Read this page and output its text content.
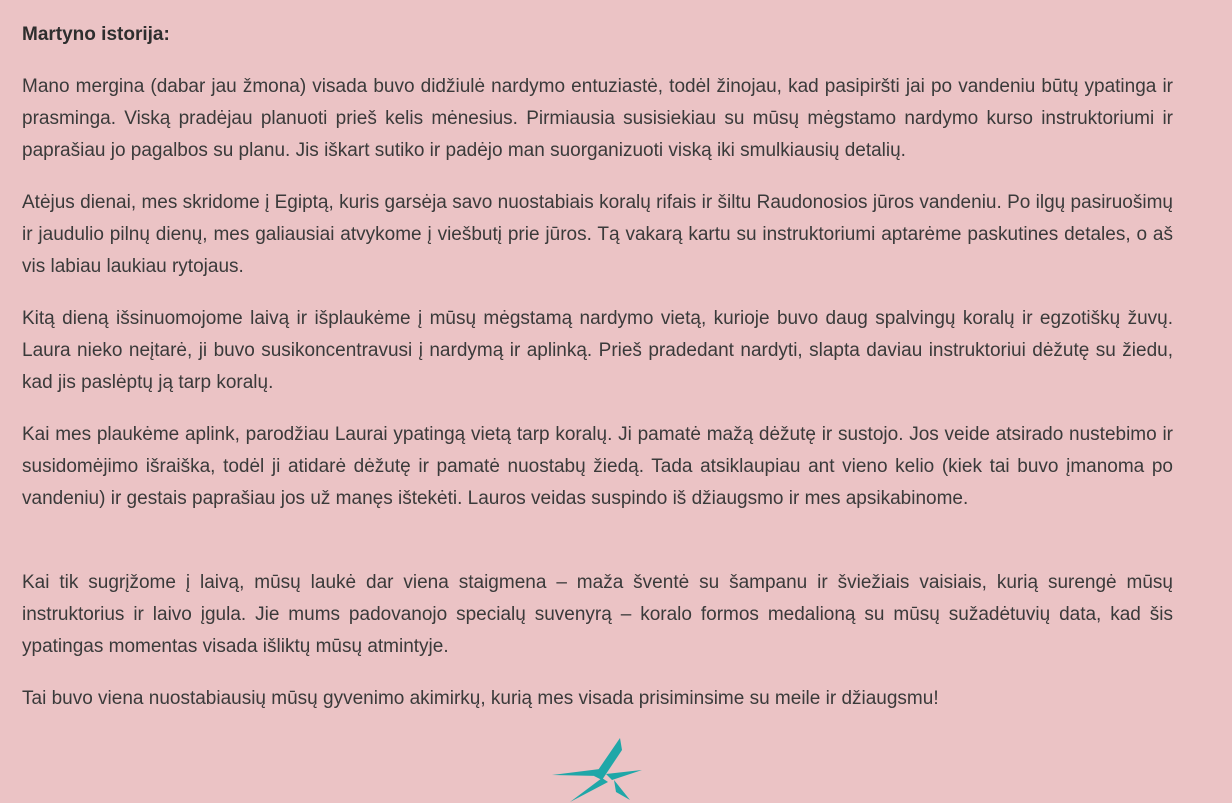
Martyno istorija:

Mano mergina (dabar jau žmona) visada buvo didžiulė nardymo entuziastė, todėl žinojau, kad pasipiršti jai po vandeniu būtų ypatinga ir prasminga. Viską pradėjau planuoti prieš kelis mėnesius. Pirmiausia susisiekiau su mūsų mėgstamo nardymo kurso instruktoriumi ir paprašiau jo pagalbos su planu. Jis iškart sutiko ir padėjo man suorganizuoti viską iki smulkiausių detalių.

Atėjus dienai, mes skridome į Egiptą, kuris garsėja savo nuostabiais koralų rifais ir šiltu Raudonosios jūros vandeniu. Po ilgų pasiruošimų ir jaudulio pilnų dienų, mes galiausiai atvykome į viešbutį prie jūros. Tą vakarą kartu su instruktoriumi aptarėme paskutines detales, o aš vis labiau laukiau rytojaus.

Kitą dieną išsinuomojome laivą ir išplaukėme į mūsų mėgstamą nardymo vietą, kurioje buvo daug spalvingų koralų ir egzotiškų žuvų. Laura nieko neįtarė, ji buvo susikoncentravusi į nardymą ir aplinką. Prieš pradedant nardyti, slapta daviau instruktoriui dėžutę su žiedu, kad jis paslėptų ją tarp koralų.

Kai mes plaukėme aplink, parodžiau Laurai ypatingą vietą tarp koralų. Ji pamatė mažą dėžutę ir sustojo. Jos veide atsirado nustebimo ir susidomėjimo išraiška, todėl ji atidarė dėžutę ir pamatė nuostabų žiedą. Tada atsiklaupiau ant vieno kelio (kiek tai buvo įmanoma po vandeniu) ir gestais paprašiau jos už manęs ištekėti. Lauros veidas suspindo iš džiaugsmo ir mes apsikabinome.

Kai tik sugrįžome į laivą, mūsų laukė dar viena staigmena – maža šventė su šampanu ir šviežiais vaisiais, kurią surengė mūsų instruktorius ir laivo įgula. Jie mums padovanojo specialų suvenyrą – koralo formos medalioną su mūsų sužadėtuvių data, kad šis ypatingas momentas visada išliktų mūsų atmintyje.

Tai buvo viena nuostabiausių mūsų gyvenimo akimirkų, kurią mes visada prisiminsime su meile ir džiaugsmu!
